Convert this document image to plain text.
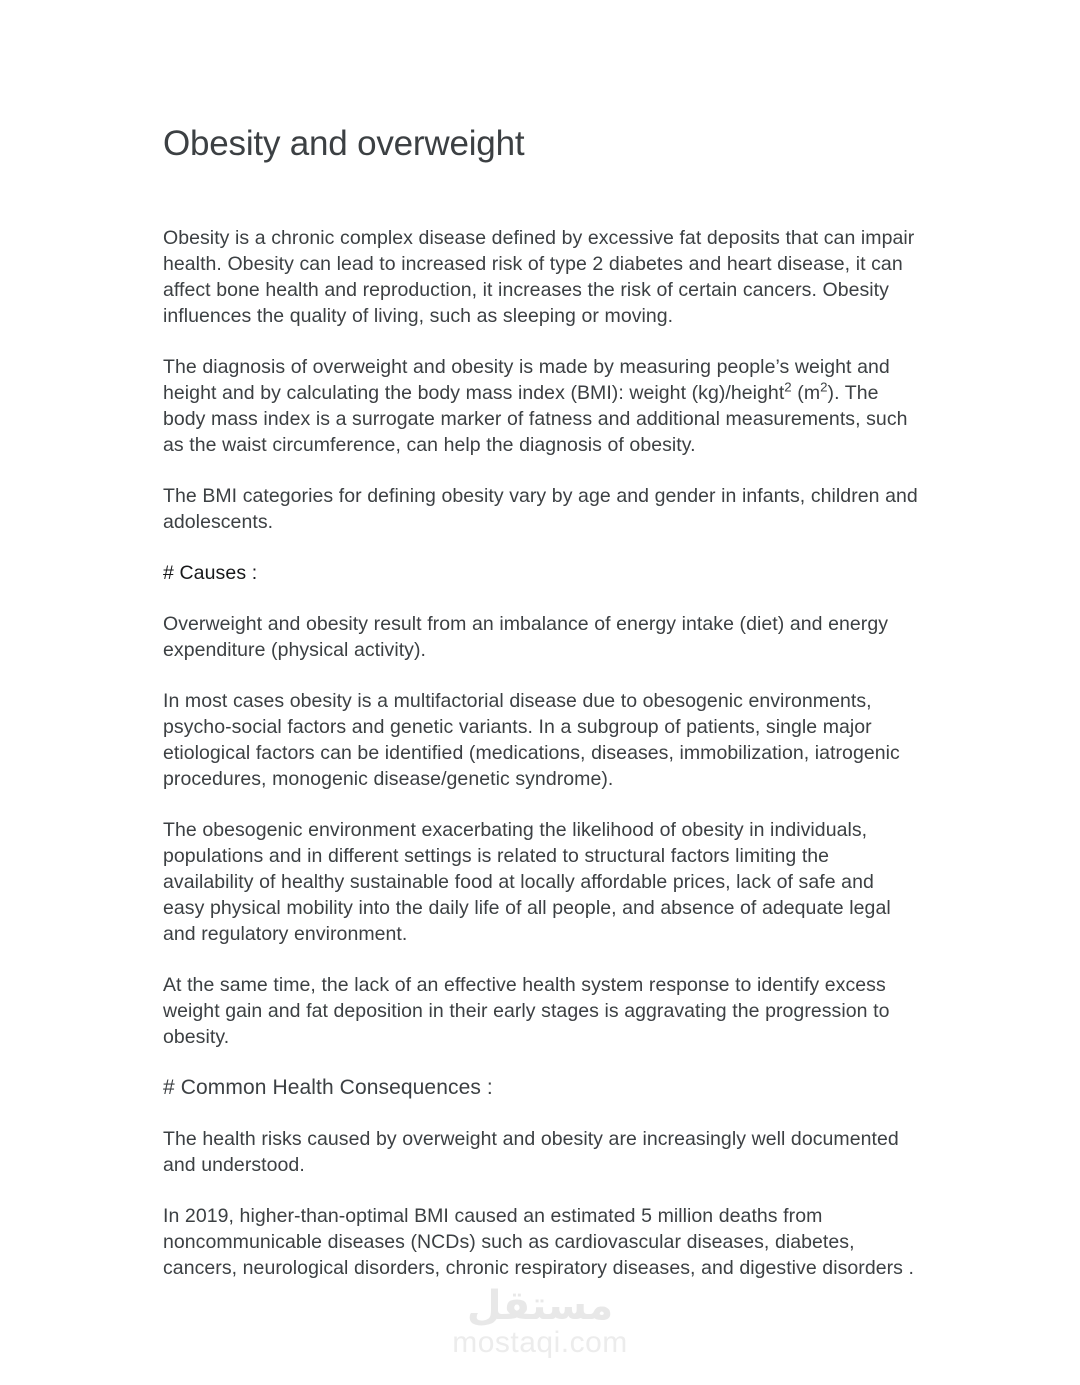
مستقل
mostaqi.com
Obesity and overweight

Obesity is a chronic complex disease defined by excessive fat deposits that can impair health. Obesity can lead to increased risk of type 2 diabetes and heart disease, it can affect bone health and reproduction, it increases the risk of certain cancers. Obesity influences the quality of living, such as sleeping or moving.

The diagnosis of overweight and obesity is made by measuring people’s weight and height and by calculating the body mass index (BMI): weight (kg)/height$^2$ $(m^2)$. The body mass index is a surrogate marker of fatness and additional measurements, such as the waist circumference, can help the diagnosis of obesity.

The BMI categories for defining obesity vary by age and gender in infants, children and adolescents.

# Causes :

Overweight and obesity result from an imbalance of energy intake (diet) and energy expenditure (physical activity).

In most cases obesity is a multifactorial disease due to obesogenic environments, psycho-social factors and genetic variants. In a subgroup of patients, single major etiological factors can be identified (medications, diseases, immobilization, iatrogenic procedures, monogenic disease/genetic syndrome).

The obesogenic environment exacerbating the likelihood of obesity in individuals, populations and in different settings is related to structural factors limiting the availability of healthy sustainable food at locally affordable prices, lack of safe and easy physical mobility into the daily life of all people, and absence of adequate legal and regulatory environment.

At the same time, the lack of an effective health system response to identify excess weight gain and fat deposition in their early stages is aggravating the progression to obesity.

# Common Health Consequences :

The health risks caused by overweight and obesity are increasingly well documented and understood.

In 2019, higher-than-optimal BMI caused an estimated 5 million deaths from noncommunicable diseases (NCDs) such as cardiovascular diseases, diabetes, cancers, neurological disorders, chronic respiratory diseases, and digestive disorders .
